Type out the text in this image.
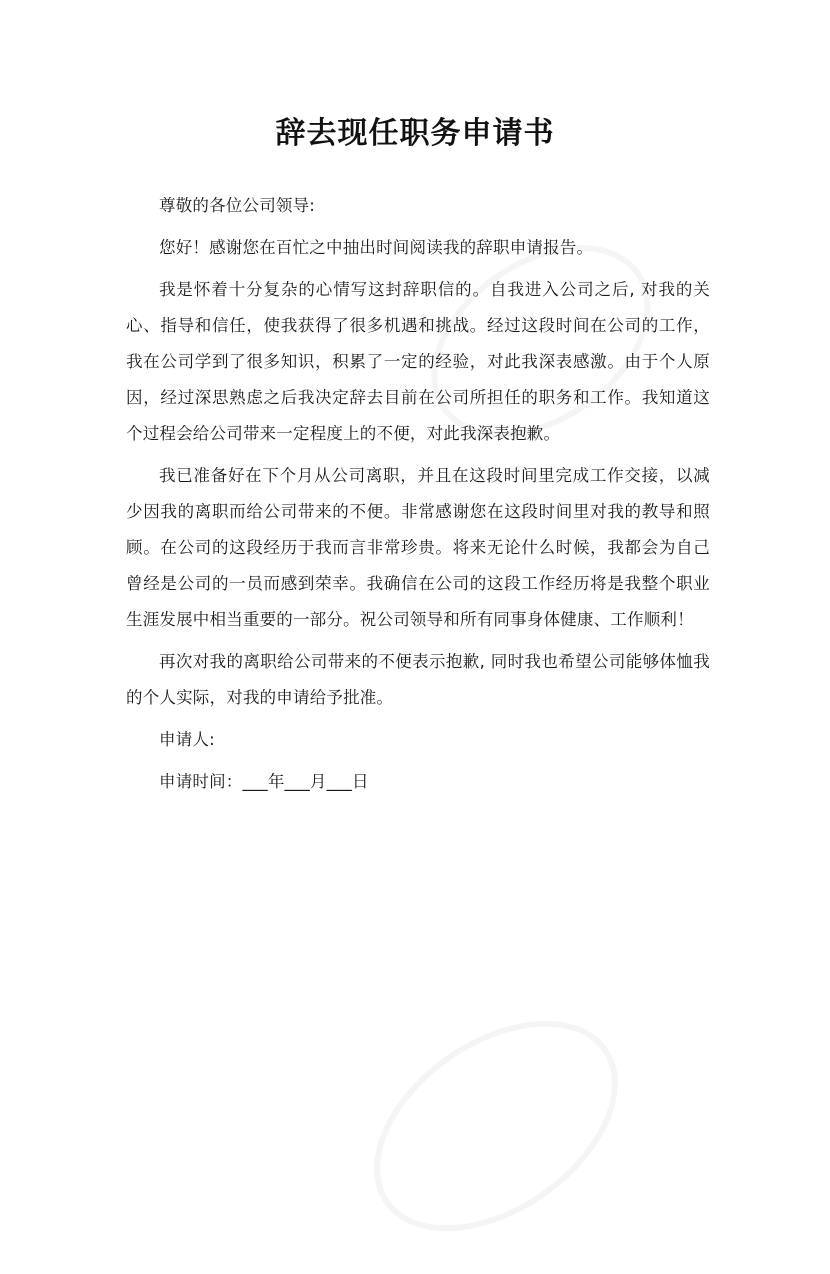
辞去现任职务申请书

尊敬的各位公司领导:

您好！感谢您在百忙之中抽出时间阅读我的辞职申请报告。

我是怀着十分复杂的心情写这封辞职信的。自我进入公司之后, 对我的关心、指导和信任，使我获得了很多机遇和挑战。经过这段时间在公司的工作，我在公司学到了很多知识，积累了一定的经验，对此我深表感激。由于个人原因，经过深思熟虑之后我决定辞去目前在公司所担任的职务和工作。我知道这个过程会给公司带来一定程度上的不便，对此我深表抱歉。

我已准备好在下个月从公司离职，并且在这段时间里完成工作交接，以减少因我的离职而给公司带来的不便。非常感谢您在这段时间里对我的教导和照顾。在公司的这段经历于我而言非常珍贵。将来无论什么时候，我都会为自己曾经是公司的一员而感到荣幸。我确信在公司的这段工作经历将是我整个职业生涯发展中相当重要的一部分。祝公司领导和所有同事身体健康、工作顺利！

再次对我的离职给公司带来的不便表示抱歉, 同时我也希望公司能够体恤我的个人实际，对我的申请给予批准。

申请人:

申请时间：___年___月___日
